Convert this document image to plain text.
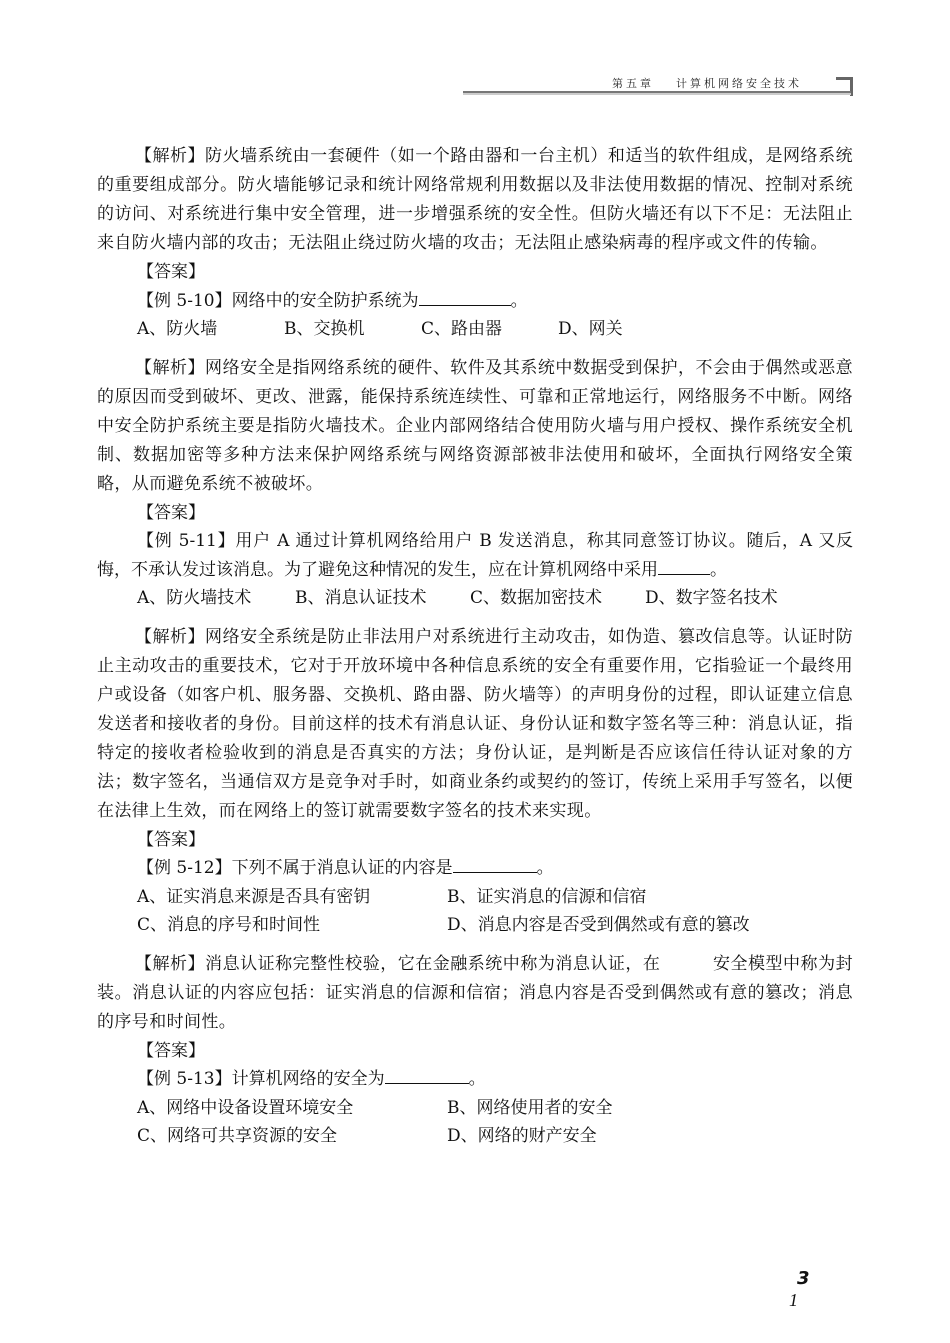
第五章 计算机网络安全技术

【解析】防火墙系统由一套硬件（如一个路由器和一台主机）和适当的软件组成，是网络系统的重要组成部分。防火墙能够记录和统计网络常规利用数据以及非法使用数据的情况、控制对系统的访问、对系统进行集中安全管理，进一步增强系统的安全性。但防火墙还有以下不足：无法阻止来自防火墙内部的攻击；无法阻止绕过防火墙的攻击；无法阻止感染病毒的程序或文件的传输。

【答案】

【例 5-10】网络中的安全防护系统为	。

A、防火墙	B、交换机	C、路由器	D、网关

【解析】网络安全是指网络系统的硬件、软件及其系统中数据受到保护，不会由于偶然或恶意的原因而受到破坏、更改、泄露，能保持系统连续性、可靠和正常地运行，网络服务不中断。网络中安全防护系统主要是指防火墙技术。企业内部网络结合使用防火墙与用户授权、操作系统安全机制、数据加密等多种方法来保护网络系统与网络资源部被非法使用和破坏，全面执行网络安全策略，从而避免系统不被破坏。

【答案】

【例 5-11】用户 A 通过计算机网络给用户 B 发送消息，称其同意签订协议。随后，A 又反悔，不承认发过该消息。为了避免这种情况的发生，应在计算机网络中采用	。

A、防火墙技术	B、消息认证技术	C、数据加密技术	D、数字签名技术

【解析】网络安全系统是防止非法用户对系统进行主动攻击，如伪造、篡改信息等。认证时防止主动攻击的重要技术，它对于开放环境中各种信息系统的安全有重要作用，它指验证一个最终用户或设备（如客户机、服务器、交换机、路由器、防火墙等）的声明身份的过程，即认证建立信息发送者和接收者的身份。目前这样的技术有消息认证、身份认证和数字签名等三种：消息认证，指特定的接收者检验收到的消息是否真实的方法；身份认证，是判断是否应该信任待认证对象的方法；数字签名，当通信双方是竞争对手时，如商业条约或契约的签订，传统上采用手写签名，以便在法律上生效，而在网络上的签订就需要数字签名的技术来实现。

【答案】

【例 5-12】下列不属于消息认证的内容是	。

A、证实消息来源是否具有密钥	B、证实消息的信源和信宿
C、消息的序号和时间性	D、消息内容是否受到偶然或有意的篡改

【解析】消息认证称完整性校验，它在金融系统中称为消息认证，在　　　安全模型中称为封装。消息认证的内容应包括：证实消息的信源和信宿；消息内容是否受到偶然或有意的篡改；消息的序号和时间性。

【答案】

【例 5-13】计算机网络的安全为	。

A、网络中设备设置环境安全	B、网络使用者的安全
C、网络可共享资源的安全	D、网络的财产安全
3
1
